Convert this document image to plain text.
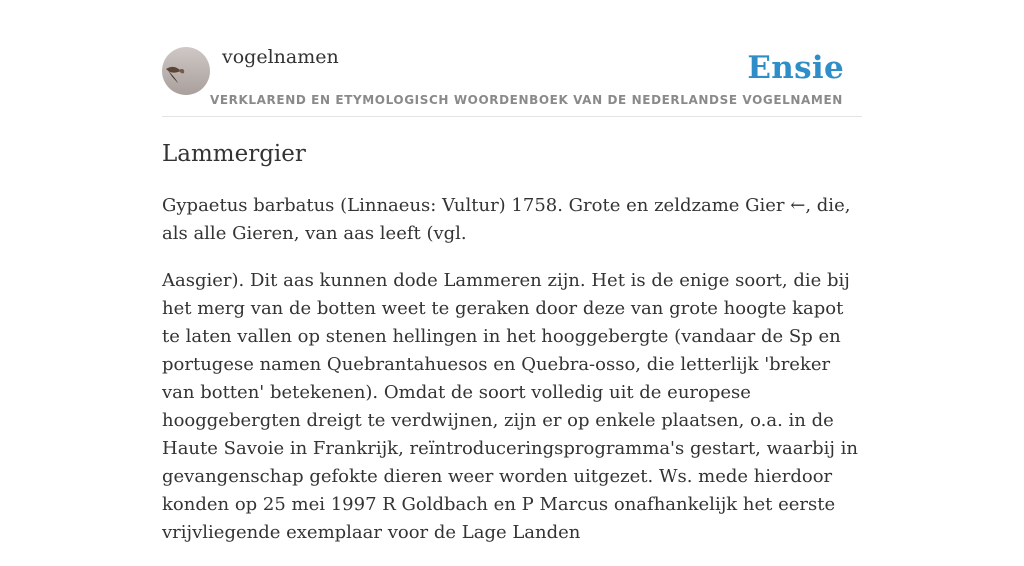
vogelnamen	Ensie
VERKLAREND EN ETYMOLOGISCH WOORDENBOEK VAN DE NEDERLANDSE VOGELNAMEN
Lammergier

Gypaetus barbatus (Linnaeus: Vultur) 1758. Grote en zeldzame Gier ←, die, als alle Gieren, van aas leeft (vgl.

Aasgier). Dit aas kunnen dode Lammeren zijn. Het is de enige soort, die bij het merg van de botten weet te geraken door deze van grote hoogte kapot te laten vallen op stenen hellingen in het hooggebergte (vandaar de Sp en portugese namen Quebrantahuesos en Quebra-osso, die letterlijk 'breker van botten' betekenen). Omdat de soort volledig uit de europese hooggebergten dreigt te verdwijnen, zijn er op enkele plaatsen, o.a. in de Haute Savoie in Frankrijk, reïntroduceringsprogramma's gestart, waarbij in gevangenschap gefokte dieren weer worden uitgezet. Ws. mede hierdoor konden op 25 mei 1997 R Goldbach en P Marcus onafhankelijk het eerste vrijvliegende exemplaar voor de Lage Landen
